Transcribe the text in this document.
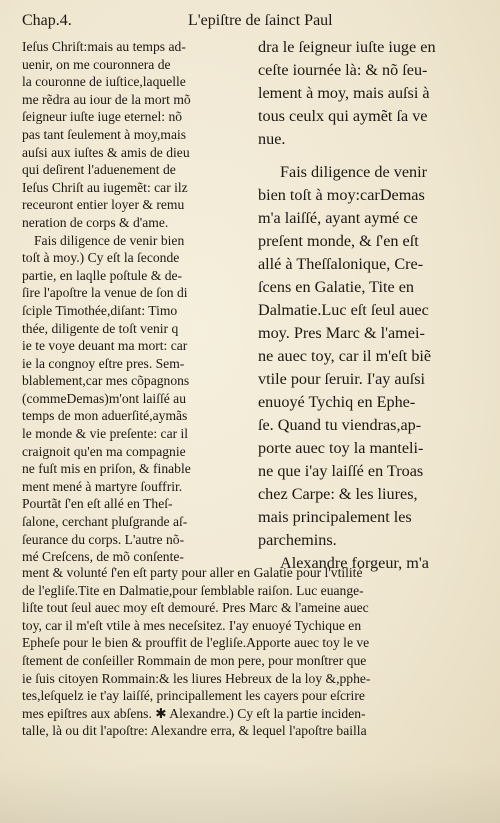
Chap.4.	L'epiſtre de ſainct Paul
Ieſus Chriſt:mais au temps ad-
uenir, on me couronnera de
la couronne de iuſtice,laquelle
me rẽdra au iour de la mort mõ
ſeigneur iuſte iuge eternel: nõ
pas tant ſeulement à moy,mais
auſsi aux iuſtes & amis de dieu
qui deſirent l'aduenement de
Ieſus Chriſt au iugemẽt: car ilz
receuront entier loyer & remu
neration de corps & d'ame.
Fais diligence de venir bien
toſt à moy.) Cy eſt la ſeconde
partie, en laqlle poſtule & de-
ſire l'apoſtre la venue de ſon di
ſciple Timothée,diſant: Timo
thée, diligente de toſt venir q
ie te voye deuant ma mort: car
ie la congnoy eſtre pres. Sem-
blablement,car mes cõpagnons
(commeDemas)m'ont laiſſé au
temps de mon aduerſité,aymãs
le monde & vie preſente: car il
craignoit qu'en ma compagnie
ne fuſt mis en priſon, & finable
ment mené à martyre ſouffrir.
Pourtãt ſ'en eſt allé en Theſ-
ſalone, cerchant pluſgrande aſ-
ſeurance du corps. L'autre nõ-
mé Creſcens, de mõ conſente-
dra le ſeigneur iuſte iuge en
ceſte iournée là: & nõ ſeu-
lement à moy, mais auſsi à
tous ceulx qui aymẽt ſa ve
nue.
Fais diligence de venir
bien toſt à moy:carDemas
m'a laiſſé, ayant aymé ce
preſent monde, & ſ'en eſt
allé à Theſſalonique, Cre-
ſcens en Galatie, Tite en
Dalmatie.Luc eſt ſeul auec
moy. Pres Marc & l'amei-
ne auec toy, car il m'eſt biẽ
vtile pour ſeruir. I'ay auſsi
enuoyé Tychiq en Ephe-
ſe. Quand tu viendras,ap-
porte auec toy la manteli-
ne que i'ay laiſſé en Troas
chez Carpe: & les liures,
mais principalement les
parchemins.
Alexandre forgeur, m'a
ment & volunté ſ'en eſt party pour aller en Galatie pour l'vtilité
de l'egliſe.Tite en Dalmatie,pour ſemblable raiſon. Luc euange-
liſte tout ſeul auec moy eſt demouré. Pres Marc & l'ameine auec
toy, car il m'eſt vtile à mes neceſsitez. I'ay enuoyé Tychique en
Epheſe pour le bien & prouffit de l'egliſe.Apporte auec toy le ve
ſtement de conſeiller Rommain de mon pere, pour monſtrer que
ie ſuis citoyen Rommain:& les liures Hebreux de la loy &,pphe-
tes,leſquelz ie t'ay laiſſé, principallement les cayers pour eſcrire
mes epiſtres aux abſens. ✱ Alexandre.) Cy eſt la partie inciden-
talle, là ou dit l'apoſtre: Alexandre erra, & lequel l'apoſtre bailla
